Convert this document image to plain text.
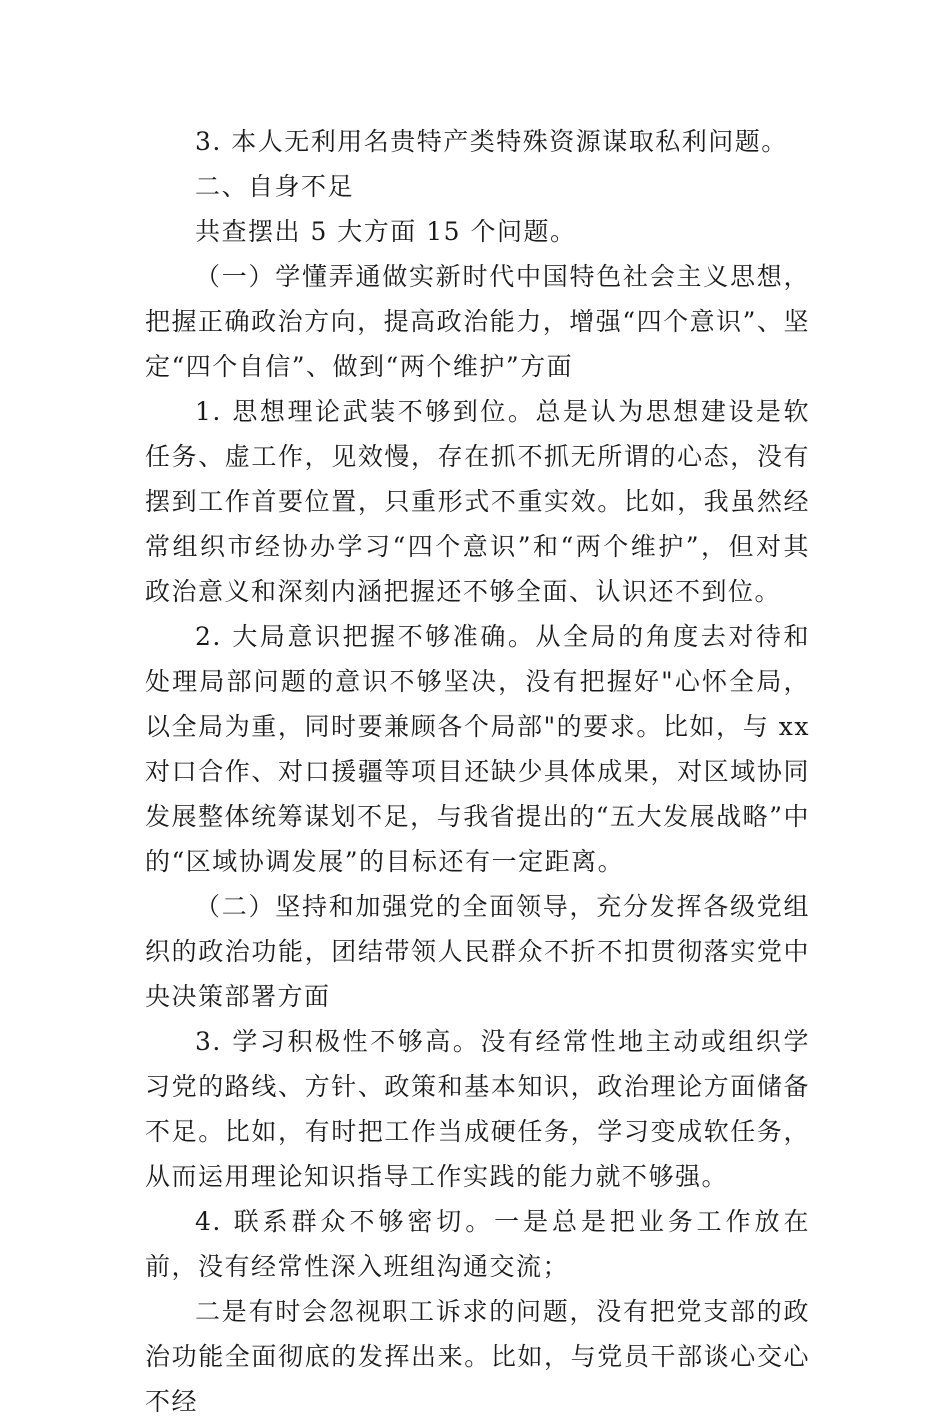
3. 本人无利用名贵特产类特殊资源谋取私利问题。

二、自身不足

共查摆出 5 大方面 15 个问题。

（一）学懂弄通做实新时代中国特色社会主义思想，把握正确政治方向，提高政治能力，增强“四个意识”、坚定“四个自信”、做到“两个维护”方面

1. 思想理论武装不够到位。总是认为思想建设是软任务、虚工作，见效慢，存在抓不抓无所谓的心态，没有摆到工作首要位置，只重形式不重实效。比如，我虽然经常组织市经协办学习“四个意识”和“两个维护”，但对其政治意义和深刻内涵把握还不够全面、认识还不到位。

2. 大局意识把握不够准确。从全局的角度去对待和处理局部问题的意识不够坚决，没有把握好"心怀全局，以全局为重，同时要兼顾各个局部"的要求。比如，与 xx 对口合作、对口援疆等项目还缺少具体成果，对区域协同发展整体统筹谋划不足，与我省提出的“五大发展战略”中的“区域协调发展”的目标还有一定距离。

（二）坚持和加强党的全面领导，充分发挥各级党组织的政治功能，团结带领人民群众不折不扣贯彻落实党中央决策部署方面

3. 学习积极性不够高。没有经常性地主动或组织学习党的路线、方针、政策和基本知识，政治理论方面储备不足。比如，有时把工作当成硬任务，学习变成软任务，从而运用理论知识指导工作实践的能力就不够强。

4. 联系群众不够密切。一是总是把业务工作放在前，没有经常性深入班组沟通交流；

二是有时会忽视职工诉求的问题，没有把党支部的政治功能全面彻底的发挥出来。比如，与党员干部谈心交心不经
